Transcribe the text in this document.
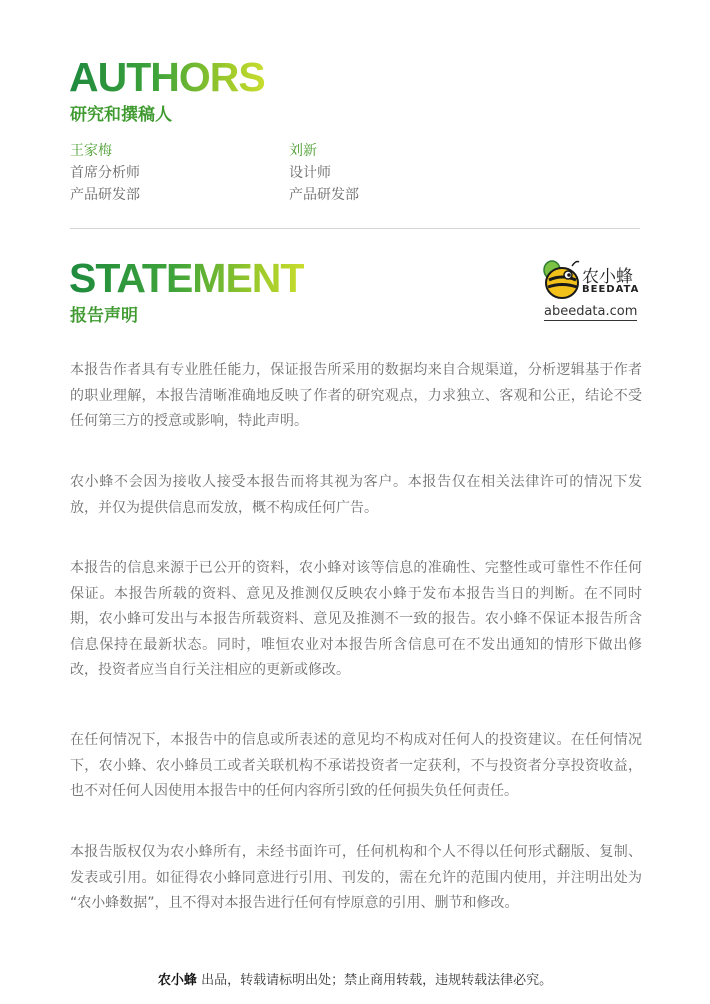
AUTHORS
研究和撰稿人
王家梅
首席分析师
产品研发部
刘新
设计师
产品研发部
STATEMENT
报告声明
农小蜂
BEEDATA
abeedata.com

本报告作者具有专业胜任能力，保证报告所采用的数据均来自合规渠道，分析逻辑基于作者的职业理解，本报告清晰准确地反映了作者的研究观点，力求独立、客观和公正，结论不受任何第三方的授意或影响，特此声明。

农小蜂不会因为接收人接受本报告而将其视为客户。本报告仅在相关法律许可的情况下发放，并仅为提供信息而发放，概不构成任何广告。

本报告的信息来源于已公开的资料，农小蜂对该等信息的准确性、完整性或可靠性不作任何保证。本报告所载的资料、意见及推测仅反映农小蜂于发布本报告当日的判断。在不同时期，农小蜂可发出与本报告所载资料、意见及推测不一致的报告。农小蜂不保证本报告所含信息保持在最新状态。同时，唯恒农业对本报告所含信息可在不发出通知的情形下做出修改，投资者应当自行关注相应的更新或修改。

在任何情况下，本报告中的信息或所表述的意见均不构成对任何人的投资建议。在任何情况下，农小蜂、农小蜂员工或者关联机构不承诺投资者一定获利，不与投资者分享投资收益，也不对任何人因使用本报告中的任何内容所引致的任何损失负任何责任。

本报告版权仅为农小蜂所有，未经书面许可，任何机构和个人不得以任何形式翻版、复制、发表或引用。如征得农小蜂同意进行引用、刊发的，需在允许的范围内使用，并注明出处为 “农小蜂数据”，且不得对本报告进行任何有悖原意的引用、删节和修改。

农小蜂 出品，转载请标明出处；禁止商用转载，违规转载法律必究。
